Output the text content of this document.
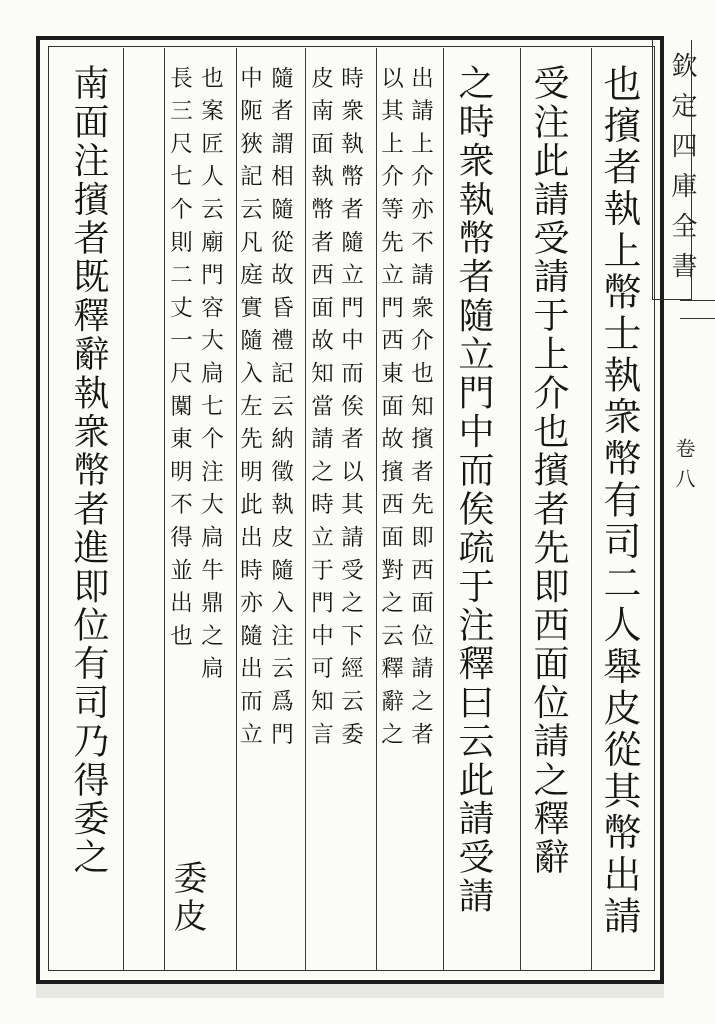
欽定四庫全書
卷八
也擯者執上幣士執衆幣有司二人舉皮從其幣出請
受注此請受請于上介也擯者先即西面位請之釋辭
之時衆執幣者隨立門中而俟疏于注釋曰云此請受請
出請上介亦不請衆介也知擯者先即西面位請之者
以其上介等先立門西東面故擯西面對之云釋辭之
時衆執幣者隨立門中而俟者以其請受之下經云委
皮南面執幣者西面故知當請之時立于門中可知言
隨者謂相隨從故昏禮記云納徵執皮隨入注云爲門
中阨狹記云凡庭實隨入左先明此出時亦隨出而立
也案匠人云廟門容大扃七个注大扃牛鼎之扃
長三尺七个則二丈一尺闑東明不得並出也
委皮
南面注擯者既釋辭執衆幣者進即位有司乃得委之
